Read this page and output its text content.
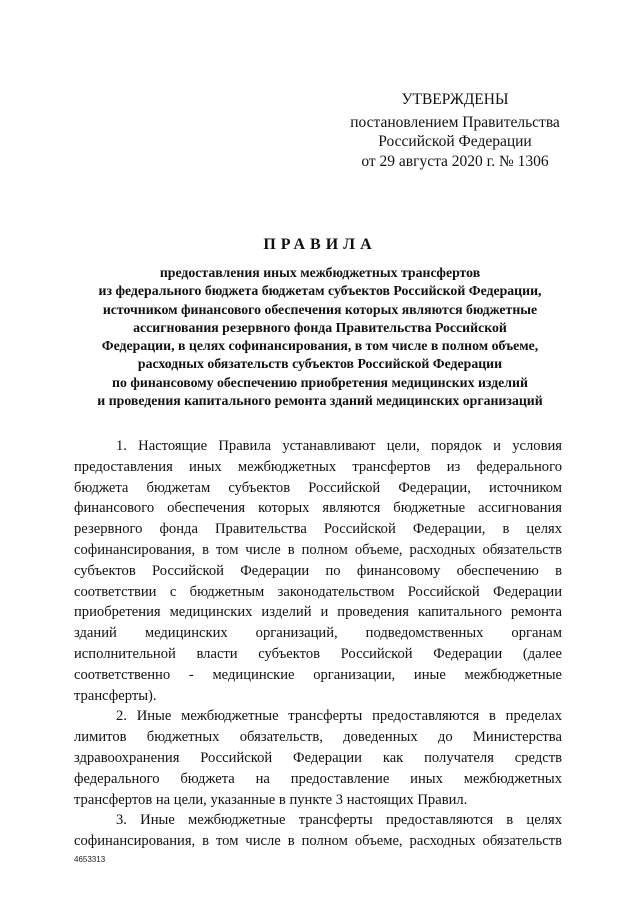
УТВЕРЖДЕНЫ
постановлением Правительства
Российской Федерации
от 29 августа 2020 г. № 1306
ПРАВИЛА
предоставления иных межбюджетных трансфертов
из федерального бюджета бюджетам субъектов Российской Федерации,
источником финансового обеспечения которых являются бюджетные
ассигнования резервного фонда Правительства Российской
Федерации, в целях софинансирования, в том числе в полном объеме,
расходных обязательств субъектов Российской Федерации
по финансовому обеспечению приобретения медицинских изделий
и проведения капитального ремонта зданий медицинских организаций
1. Настоящие Правила устанавливают цели, порядок и условия
предоставления иных межбюджетных трансфертов из федерального
бюджета бюджетам субъектов Российской Федерации, источником
финансового обеспечения которых являются бюджетные ассигнования
резервного фонда Правительства Российской Федерации, в целях
софинансирования, в том числе в полном объеме, расходных обязательств
субъектов Российской Федерации по финансовому обеспечению в
соответствии с бюджетным законодательством Российской Федерации
приобретения медицинских изделий и проведения капитального ремонта
зданий медицинских организаций, подведомственных органам
исполнительной власти субъектов Российской Федерации (далее
соответственно - медицинские организации, иные межбюджетные
трансферты).
2. Иные межбюджетные трансферты предоставляются в пределах
лимитов бюджетных обязательств, доведенных до Министерства
здравоохранения Российской Федерации как получателя средств
федерального бюджета на предоставление иных межбюджетных
трансфертов на цели, указанные в пункте 3 настоящих Правил.
3. Иные межбюджетные трансферты предоставляются в целях
софинансирования, в том числе в полном объеме, расходных обязательств
4653313
